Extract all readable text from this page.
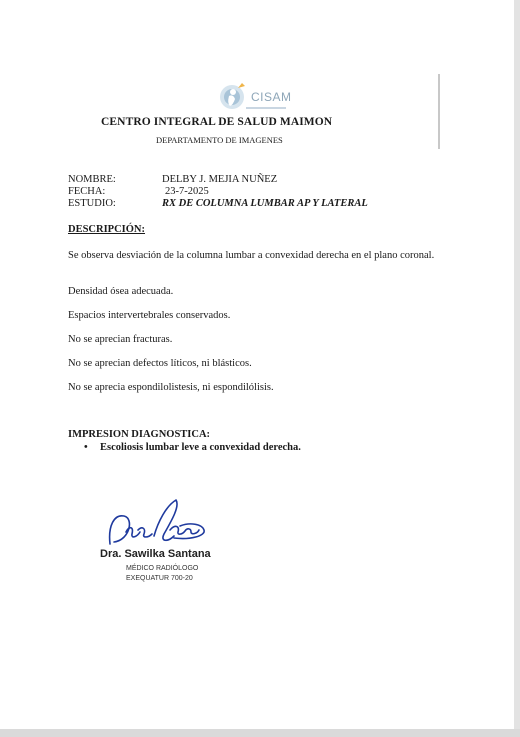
CISAM
CENTRO INTEGRAL DE SALUD MAIMON
DEPARTAMENTO DE IMAGENES
NOMBRE:	DELBY J. MEJIA NUÑEZ
FECHA:	23-7-2025
ESTUDIO:	RX DE COLUMNA LUMBAR AP Y LATERAL
DESCRIPCIÓN:
Se observa desviación de la columna lumbar a convexidad derecha en el plano coronal.
Densidad ósea adecuada.
Espacios intervertebrales conservados.
No se aprecian fracturas.
No se aprecian defectos líticos, ni blásticos.
No se aprecia espondilolistesis, ni espondilólisis.
IMPRESION DIAGNOSTICA:
• Escoliosis lumbar leve a convexidad derecha.
Dra. Sawilka Santana
MÉDICO RADIÓLOGO
EXEQUATUR 700-20
